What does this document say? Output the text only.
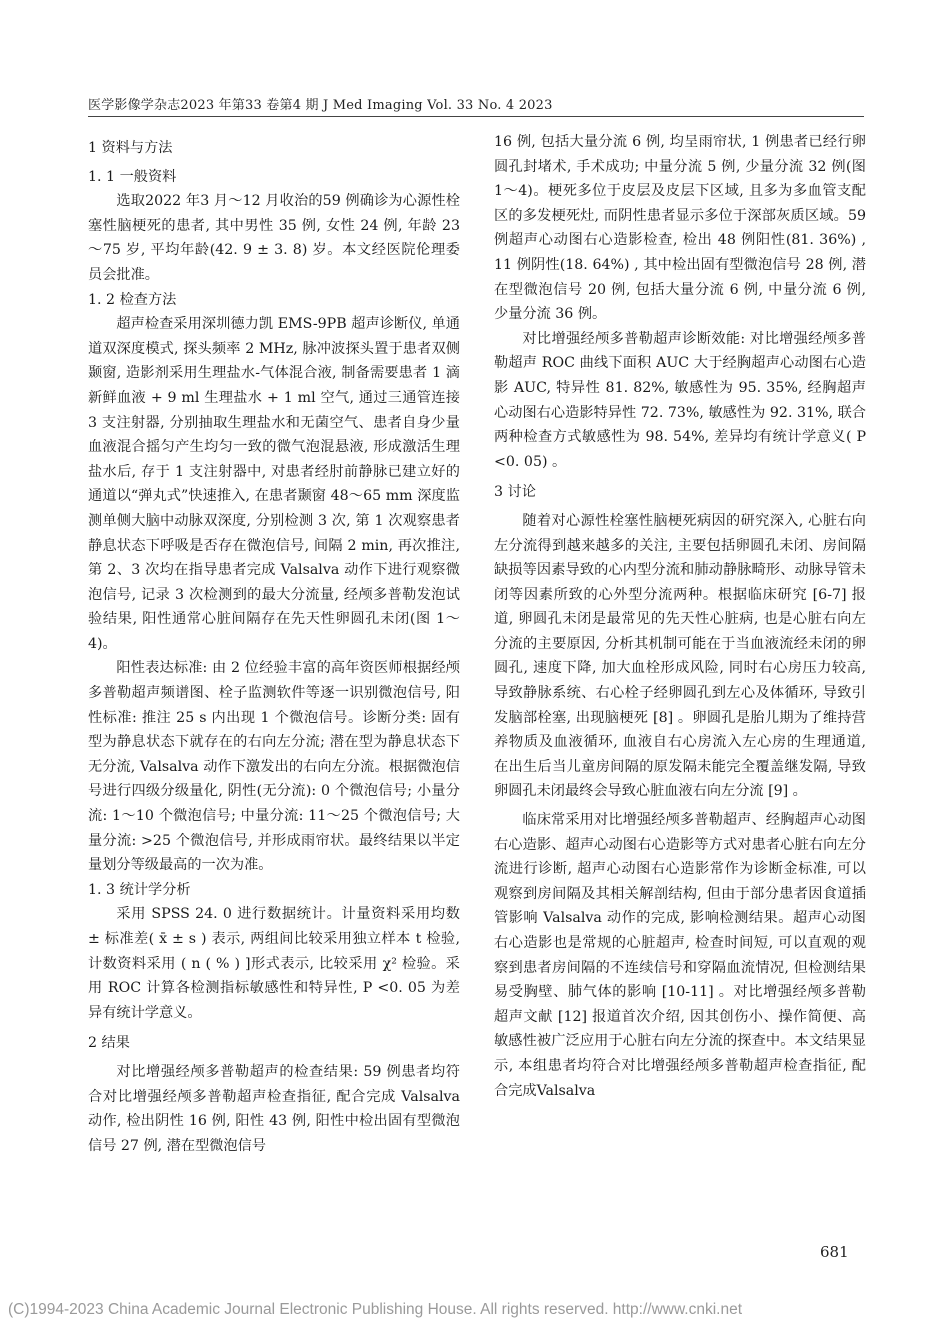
医学影像学杂志2023 年第33 卷第4 期 J Med Imaging Vol. 33 No. 4 2023
1 资料与方法
1. 1 一般资料

选取2022 年3 月～12 月收治的59 例确诊为心源性栓塞性脑梗死的患者, 其中男性 35 例, 女性 24 例, 年龄 23～75 岁, 平均年龄(42. 9 ± 3. 8) 岁。本文经医院伦理委员会批准。

1. 2 检查方法

超声检查采用深圳德力凯 EMS-9PB 超声诊断仪, 单通道双深度模式, 探头频率 2 MHz, 脉冲波探头置于患者双侧颞窗, 造影剂采用生理盐水-气体混合液, 制备需要患者 1 滴新鲜血液 + 9 ml 生理盐水 + 1 ml 空气, 通过三通管连接 3 支注射器, 分别抽取生理盐水和无菌空气、患者自身少量血液混合摇匀产生均匀一致的微气泡混悬液, 形成激活生理盐水后, 存于 1 支注射器中, 对患者经肘前静脉已建立好的通道以“弹丸式”快速推入, 在患者颞窗 48～65 mm 深度监测单侧大脑中动脉双深度, 分别检测 3 次, 第 1 次观察患者静息状态下呼吸是否存在微泡信号, 间隔 2 min, 再次推注, 第 2、3 次均在指导患者完成 Valsalva 动作下进行观察微泡信号, 记录 3 次检测到的最大分流量, 经颅多普勒发泡试验结果, 阳性通常心脏间隔存在先天性卵圆孔未闭(图 1～4)。

阳性表达标准: 由 2 位经验丰富的高年资医师根据经颅多普勒超声频谱图、栓子监测软件等逐一识别微泡信号, 阳性标准: 推注 25 s 内出现 1 个微泡信号。诊断分类: 固有型为静息状态下就存在的右向左分流; 潜在型为静息状态下无分流, Valsalva 动作下激发出的右向左分流。根据微泡信号进行四级分级量化, 阴性(无分流): 0 个微泡信号; 小量分流: 1～10 个微泡信号; 中量分流: 11～25 个微泡信号; 大量分流: >25 个微泡信号, 并形成雨帘状。最终结果以半定量划分等级最高的一次为准。

1. 3 统计学分析

采用 SPSS 24. 0 进行数据统计。计量资料采用均数 ± 标准差( x̄ ± s ) 表示, 两组间比较采用独立样本 t 检验, 计数资料采用 ( n ( % ) ]形式表示, 比较采用 χ² 检验。采用 ROC 计算各检测指标敏感性和特异性, P <0. 05 为差异有统计学意义。

2 结果

对比增强经颅多普勒超声的检查结果: 59 例患者均符合对比增强经颅多普勒超声检查指征, 配合完成 Valsalva 动作, 检出阴性 16 例, 阳性 43 例, 阳性中检出固有型微泡信号 27 例, 潜在型微泡信号

16 例, 包括大量分流 6 例, 均呈雨帘状, 1 例患者已经行卵圆孔封堵术, 手术成功; 中量分流 5 例, 少量分流 32 例(图 1～4)。梗死多位于皮层及皮层下区域, 且多为多血管支配区的多发梗死灶, 而阴性患者显示多位于深部灰质区域。59 例超声心动图右心造影检查, 检出 48 例阳性(81. 36%) , 11 例阴性(18. 64%) , 其中检出固有型微泡信号 28 例, 潜在型微泡信号 20 例, 包括大量分流 6 例, 中量分流 6 例, 少量分流 36 例。

对比增强经颅多普勒超声诊断效能: 对比增强经颅多普勒超声 ROC 曲线下面积 AUC 大于经胸超声心动图右心造影 AUC, 特异性 81. 82%, 敏感性为 95. 35%, 经胸超声心动图右心造影特异性 72. 73%, 敏感性为 92. 31%, 联合两种检查方式敏感性为 98. 54%, 差异均有统计学意义( P <0. 05) 。

3 讨论

随着对心源性栓塞性脑梗死病因的研究深入, 心脏右向左分流得到越来越多的关注, 主要包括卵圆孔未闭、房间隔缺损等因素导致的心内型分流和肺动静脉畸形、动脉导管未闭等因素所致的心外型分流两种。根据临床研究 [6-7] 报道, 卵圆孔未闭是最常见的先天性心脏病, 也是心脏右向左分流的主要原因, 分析其机制可能在于当血液流经未闭的卵圆孔, 速度下降, 加大血栓形成风险, 同时右心房压力较高, 导致静脉系统、右心栓子经卵圆孔到左心及体循环, 导致引发脑部栓塞, 出现脑梗死 [8] 。卵圆孔是胎儿期为了维持营养物质及血液循环, 血液自右心房流入左心房的生理通道, 在出生后当儿童房间隔的原发隔未能完全覆盖继发隔, 导致卵圆孔未闭最终会导致心脏血液右向左分流 [9] 。

临床常采用对比增强经颅多普勒超声、经胸超声心动图右心造影、超声心动图右心造影等方式对患者心脏右向左分流进行诊断, 超声心动图右心造影常作为诊断金标准, 可以观察到房间隔及其相关解剖结构, 但由于部分患者因食道插管影响 Valsalva 动作的完成, 影响检测结果。超声心动图右心造影也是常规的心脏超声, 检查时间短, 可以直观的观察到患者房间隔的不连续信号和穿隔血流情况, 但检测结果易受胸壁、肺气体的影响 [10-11] 。对比增强经颅多普勒超声文献 [12] 报道首次介绍, 因其创伤小、操作简便、高敏感性被广泛应用于心脏右向左分流的探查中。本文结果显示, 本组患者均符合对比增强经颅多普勒超声检查指征, 配合完成Valsalva

681
(C)1994-2023 China Academic Journal Electronic Publishing House. All rights reserved. http://www.cnki.net
